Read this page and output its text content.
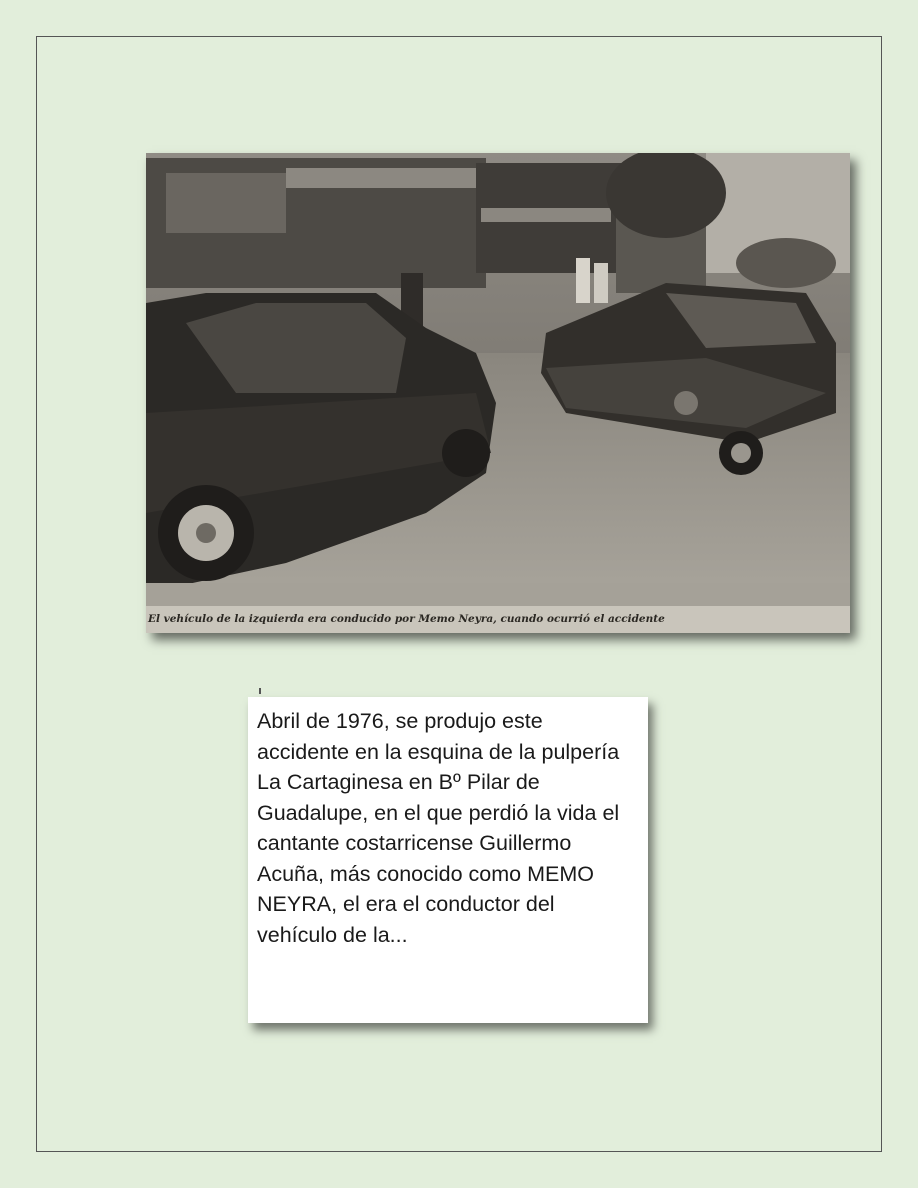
El vehículo de la izquierda era conducido por Memo Neyra, cuando ocurrió el accidente

Abril de 1976, se produjo este accidente en la esquina de la pulpería La Cartaginesa en Bº Pilar de Guadalupe, en el que perdió la vida el cantante costarricense Guillermo Acuña, más conocido como MEMO NEYRA, el era el conductor del vehículo de la...
